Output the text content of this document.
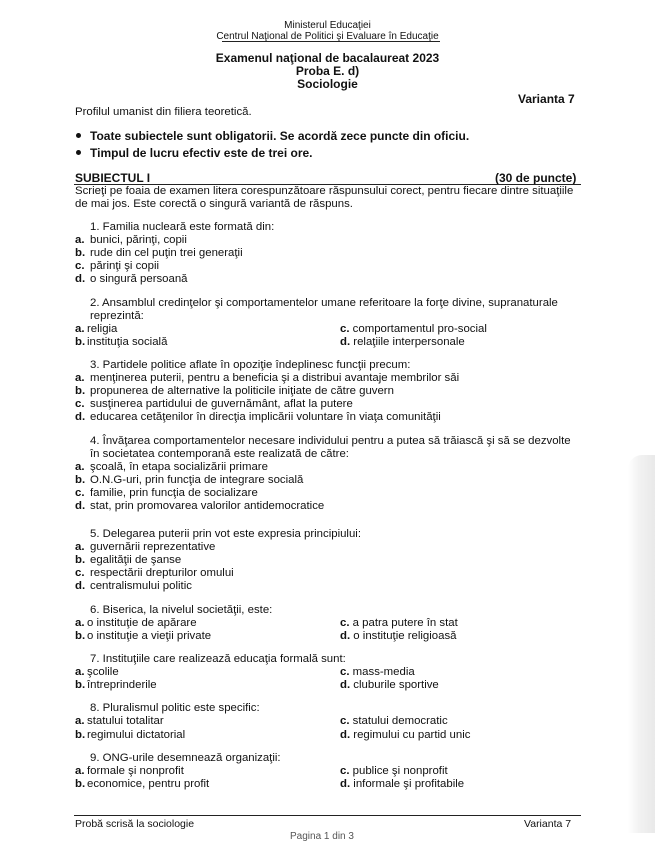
Ministerul Educaţiei
Centrul Naţional de Politici şi Evaluare în Educaţie
Examenul naţional de bacalaureat 2023
Proba E. d)
Sociologie
Varianta 7
Profilul umanist din filiera teoretică.
Toate subiectele sunt obligatorii. Se acordă zece puncte din oficiu.
Timpul de lucru efectiv este de trei ore.
SUBIECTUL I	(30 de puncte)
Scrieţi pe foaia de examen litera corespunzătoare răspunsului corect, pentru fiecare dintre situaţiile
de mai jos. Este corectă o singură variantă de răspuns.
1. Familia nucleară este formată din:
a. bunici, părinţi, copii
b. rude din cel puţin trei generaţii
c. părinţi şi copii
d. o singură persoană
2. Ansamblul credinţelor şi comportamentelor umane referitoare la forţe divine, supranaturale
reprezintă:
a. religia
b. instituţia socială
c. comportamentul pro-social
d. relaţiile interpersonale
3. Partidele politice aflate în opoziţie îndeplinesc funcţii precum:
a. menţinerea puterii, pentru a beneficia şi a distribui avantaje membrilor săi
b. propunerea de alternative la politicile iniţiate de către guvern
c. susţinerea partidului de guvernământ, aflat la putere
d. educarea cetăţenilor în direcţia implicării voluntare în viaţa comunităţii
4. Învăţarea comportamentelor necesare individului pentru a putea să trăiască şi să se dezvolte
în societatea contemporană este realizată de către:
a. şcoală, în etapa socializării primare
b. O.N.G-uri, prin funcţia de integrare socială
c. familie, prin funcţia de socializare
d. stat, prin promovarea valorilor antidemocratice
5. Delegarea puterii prin vot este expresia principiului:
a. guvernării reprezentative
b. egalităţii de şanse
c. respectării drepturilor omului
d. centralismului politic
6. Biserica, la nivelul societăţii, este:
a. o instituţie de apărare
b. o instituţie a vieţii private
c. a patra putere în stat
d. o instituţie religioasă
7. Instituţiile care realizează educaţia formală sunt:
a. şcolile
b. întreprinderile
c. mass-media
d. cluburile sportive
8. Pluralismul politic este specific:
a. statului totalitar
b. regimului dictatorial
c. statului democratic
d. regimului cu partid unic
9. ONG-urile desemnează organizaţii:
a. formale şi nonprofit
b. economice, pentru profit
c. publice şi nonprofit
d. informale şi profitabile
Probă scrisă la sociologie	Varianta 7
Pagina 1 din 3
